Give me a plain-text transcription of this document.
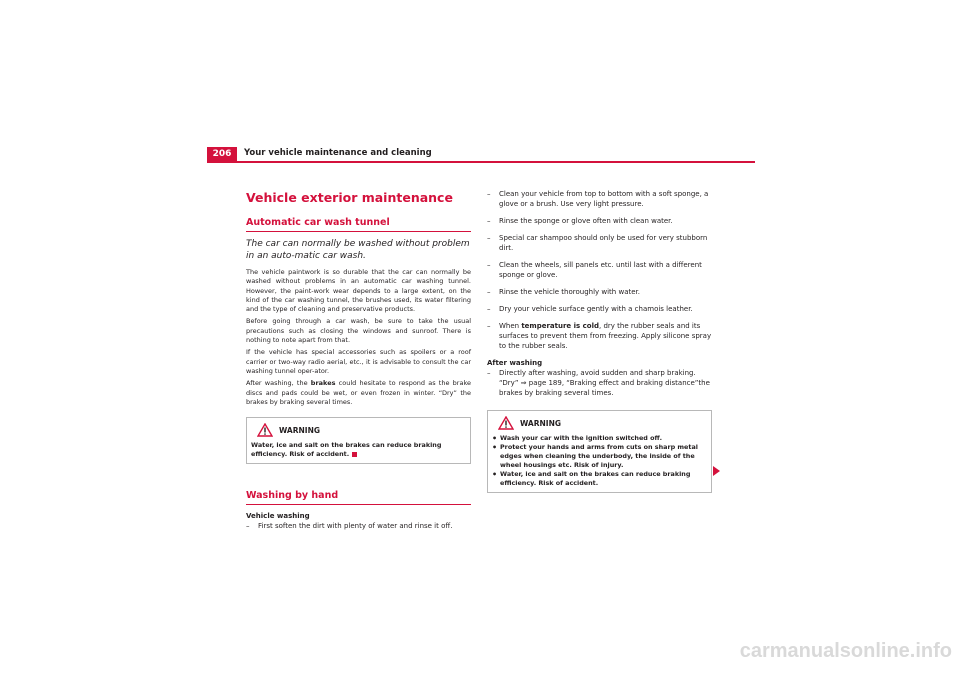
206	Your vehicle maintenance and cleaning
Vehicle exterior maintenance
Automatic car wash tunnel

The car can normally be washed without problem in an auto-matic car wash.

The vehicle paintwork is so durable that the car can normally be washed without problems in an automatic car washing tunnel. However, the paint-work wear depends to a large extent, on the kind of the car washing tunnel, the brushes used, its water filtering and the type of cleaning and preservative products.

Before going through a car wash, be sure to take the usual precautions such as closing the windows and sunroof. There is nothing to note apart from that.

If the vehicle has special accessories such as spoilers or a roof carrier or two-way radio aerial, etc., it is advisable to consult the car washing tunnel oper-ator.

After washing, the brakes could hesitate to respond as the brake discs and pads could be wet, or even frozen in winter. “Dry” the brakes by braking several times.

WARNING

Water, ice and salt on the brakes can reduce braking efficiency. Risk of accident.

Washing by hand
Vehicle washing
– First soften the dirt with plenty of water and rinse it off.
– Clean your vehicle from top to bottom with a soft sponge, a glove or a brush. Use very light pressure.
– Rinse the sponge or glove often with clean water.
– Special car shampoo should only be used for very stubborn dirt.
– Clean the wheels, sill panels etc. until last with a different sponge or glove.
– Rinse the vehicle thoroughly with water.
– Dry your vehicle surface gently with a chamois leather.
– When temperature is cold, dry the rubber seals and its surfaces to prevent them from freezing. Apply silicone spray to the rubber seals.
After washing
– Directly after washing, avoid sudden and sharp braking. “Dry” ⇒ page 189, “Braking effect and braking distance”the brakes by braking several times.
WARNING

• Wash your car with the ignition switched off.

• Protect your hands and arms from cuts on sharp metal edges when cleaning the underbody, the inside of the wheel housings etc. Risk of injury.

• Water, ice and salt on the brakes can reduce braking efficiency. Risk of accident.

carmanualsonline.info
